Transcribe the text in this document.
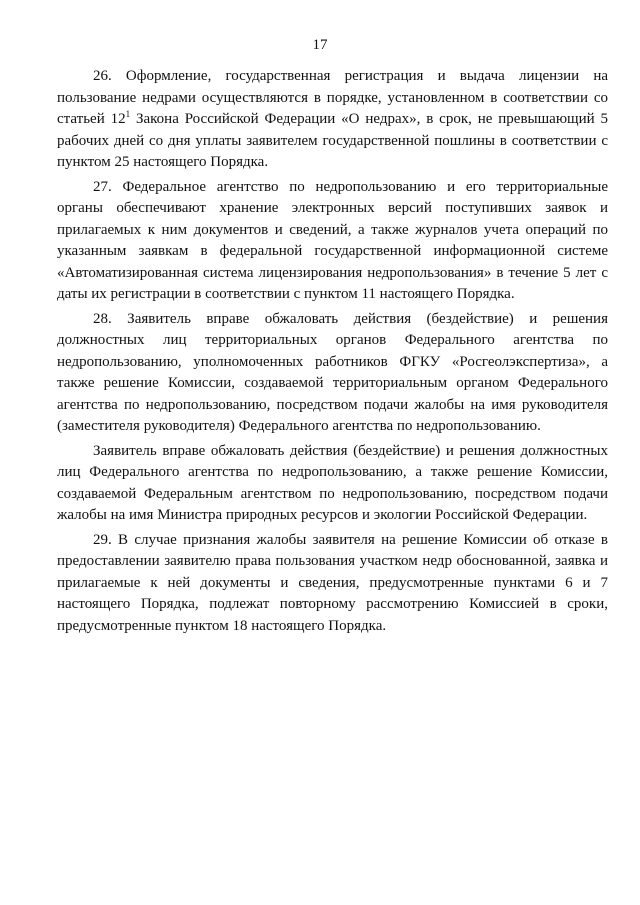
17

26. Оформление, государственная регистрация и выдача лицензии на пользование недрами осуществляются в порядке, установленном в соответствии со статьей $12^1$ Закона Российской Федерации «О недрах», в срок, не превышающий 5 рабочих дней со дня уплаты заявителем государственной пошлины в соответствии с пунктом 25 настоящего Порядка.

27. Федеральное агентство по недропользованию и его территориальные органы обеспечивают хранение электронных версий поступивших заявок и прилагаемых к ним документов и сведений, а также журналов учета операций по указанным заявкам в федеральной государственной информационной системе «Автоматизированная система лицензирования недропользования» в течение 5 лет с даты их регистрации в соответствии с пунктом 11 настоящего Порядка.

28. Заявитель вправе обжаловать действия (бездействие) и решения должностных лиц территориальных органов Федерального агентства по недропользованию, уполномоченных работников ФГКУ «Росгеолэкспертиза», а также решение Комиссии, создаваемой территориальным органом Федерального агентства по недропользованию, посредством подачи жалобы на имя руководителя (заместителя руководителя) Федерального агентства по недропользованию.

Заявитель вправе обжаловать действия (бездействие) и решения должностных лиц Федерального агентства по недропользованию, а также решение Комиссии, создаваемой Федеральным агентством по недропользованию, посредством подачи жалобы на имя Министра природных ресурсов и экологии Российской Федерации.

29. В случае признания жалобы заявителя на решение Комиссии об отказе в предоставлении заявителю права пользования участком недр обоснованной, заявка и прилагаемые к ней документы и сведения, предусмотренные пунктами 6 и 7 настоящего Порядка, подлежат повторному рассмотрению Комиссией в сроки, предусмотренные пунктом 18 настоящего Порядка.
